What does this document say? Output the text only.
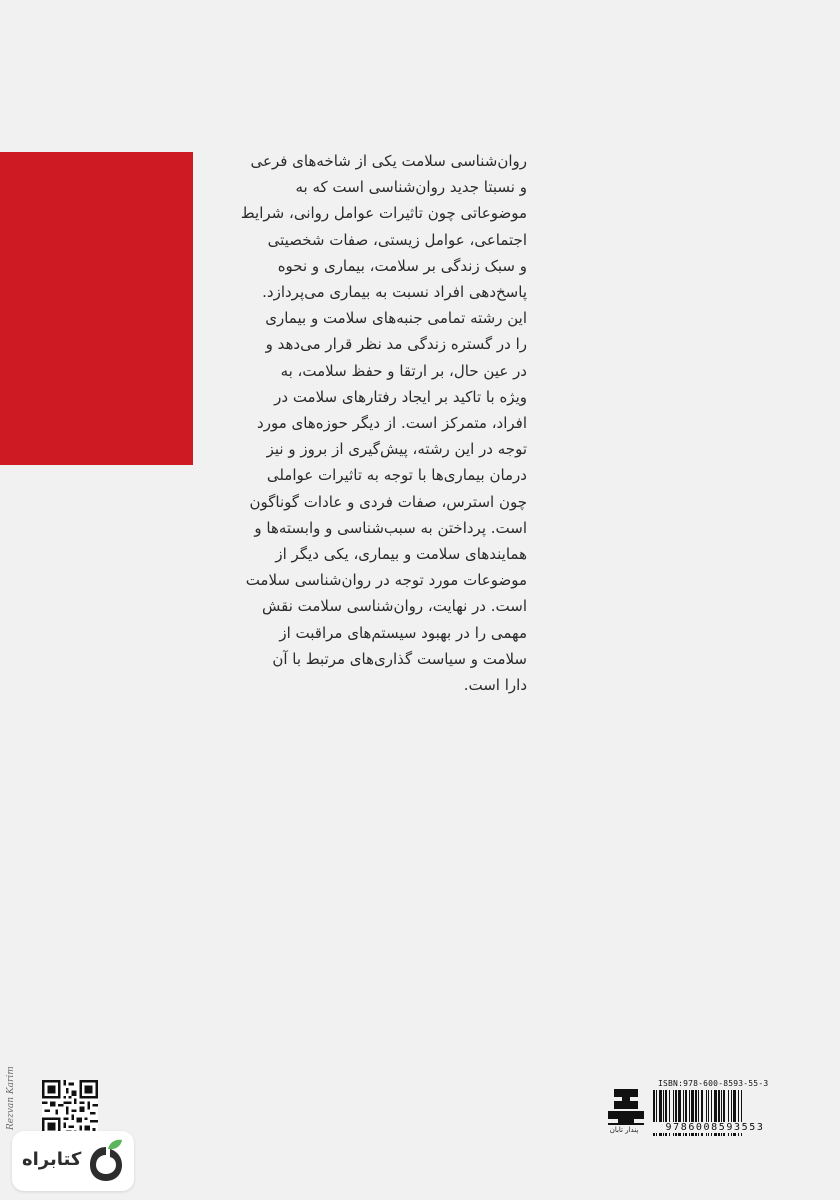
روان‌شناسی سلامت یکی از شاخه‌های فرعی

و نسبتا جدید روان‌شناسی است که به

موضوعاتی چون تاثیرات عوامل روانی، شرایط

اجتماعی، عوامل زیستی، صفات شخصیتی

و سبک زندگی بر سلامت، بیماری و نحوه

پاسخ‌دهی افراد نسبت به بیماری می‌پردازد.

این رشته تمامی جنبه‌های سلامت و بیماری

را در گستره زندگی مد نظر قرار می‌دهد و

در عین حال، بر ارتقا و حفظ سلامت، به

ویژه با تاکید بر ایجاد رفتارهای سلامت در

افراد، متمرکز است. از دیگر حوزه‌های مورد

توجه در این رشته، پیش‌گیری از بروز و نیز

درمان بیماری‌ها با توجه به تاثیرات عواملی

چون استرس، صفات فردی و عادات گوناگون

است. پرداختن به سبب‌شناسی و وابسته‌ها و

همایندهای سلامت و بیماری، یکی دیگر از

موضوعات مورد توجه در روان‌شناسی سلامت

است. در نهایت، روان‌شناسی سلامت نقش

مهمی را در بهبود سیستم‌های مراقبت از

سلامت و سیاست گذاری‌های مرتبط با آن

دارا است.

Rezvan Karim
کتابراه
پندار تابان
ISBN:978-600-8593-55-3
9786008593553
